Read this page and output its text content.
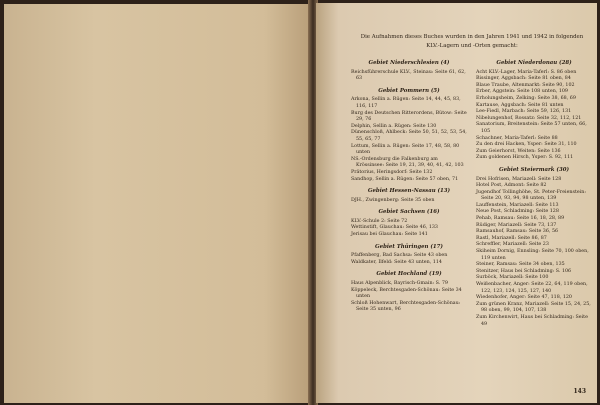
Die Aufnahmen dieses Buches wurden in den Jahren 1941 und 1942 in folgenden
KLV.-Lagern und -Orten gemacht:
Gebiet Niederschlesien (4)

Reichsführerschule KLV., Steinau: Seite 61, 62, 63

Gebiet Pommern (5)

Arkona, Sellin a. Rügen: Seite 14, 44, 45, 83, 116, 117

Burg des Deutschen Ritterordens, Bütow: Seite 29, 76

Delphin, Sellin a. Rügen: Seite 130

Dünenschloß, Ahlbeck: Seite 50, 51, 52, 53, 54, 55, 65, 77

Lottum, Sellin a. Rügen: Seite 17, 48, 58, 80 unten

NS.-Ordensburg die Falkenburg am Krössinsee: Seite 19, 21, 39, 40, 41, 42, 103

Prätorius, Heringsdorf: Seite 132

Sandhop, Sellin a. Rügen: Seite 57 oben, 71

Gebiet Hessen-Nassau (13)

DJH., Zwingenberg: Seite 35 oben

Gebiet Sachsen (16)

KLV.-Schule 2: Seite 72

Wettinstift, Glauchau: Seite 46, 133

Jerisau bei Glauchau: Seite 141

Gebiet Thüringen (17)

Pfaffenberg, Bad Sachsa: Seite 43 oben

Waldkater, Ilfeld: Seite 43 unten, 114

Gebiet Hochland (19)

Haus Alpenblick, Bayrisch-Gmain: S. 79

Köppeleck, Berchtesgaden-Schönau: Seite 34 unten

Schloß Hohenwart, Berchtesgaden-Schönau: Seite 35 unten, 96

Gebiet Niederdonau (28)

Acht KLV.-Lager, Maria-Taferl: S. 86 oben

Bissinger, Aggsbach: Seite 81 oben, 84

Blaue Traube, Altenmarkt: Seite 90, 102

Erber, Aggstein: Seite 108 unten, 109

Erholungsheim, Zelking: Seite 38, 68, 69

Kartause, Aggsbach: Seite 81 unten

Lee-Fiedl, Marbach: Seite 59, 126, 131

Nibelungenhof, Rossatz: Seite 32, 112, 121

Sanatorium, Breitenstein: Seite 57 unten, 66, 105

Schachner, Maria-Taferl: Seite 88

Zu den drei Hacken, Ysper: Seite 31, 110

Zum Geierhorst, Weiten: Seite 136

Zum goldenen Hirsch, Ysper: S. 92, 111

Gebiet Steiermark (30)

Drei Hofrisen, Mariazell: Seite 128

Hotel Post, Admont: Seite 82

Jugendhof Tollinghöhe, St. Peter-Freienstein: Seite 20, 93, 94, 98 unten, 139

Lauffenstein, Mariazell: Seite 113

Neue Post, Schladming: Seite 128

Pehab, Ramsau: Seite 16, 18, 28, 89

Rüdiger, Mariazell: Seite 73, 137

Ramsauhof, Ramsau: Seite 36, 56

Rastl, Mariazell: Seite 86, 87

Schreffler, Mariazell: Seite 23

Skiheim Dornig, Ennsling: Seite 70, 100 oben, 119 unten

Steiner, Ramsau: Seite 34 oben, 135

Stenitzer, Haus bei Schladming: S. 106

Surböck, Mariazell: Seite 100

Weißenbacher, Anger: Seite 22, 64, 119 oben, 122, 123, 124, 125, 127, 140

Wiedenhofer, Anger: Seite 47, 118, 120

Zum grünen Kranz, Mariazell: Seite 15, 24, 25, 98 oben, 99, 104, 107, 138

Zum Kirchenwirt, Haus bei Schladming: Seite 49

143
